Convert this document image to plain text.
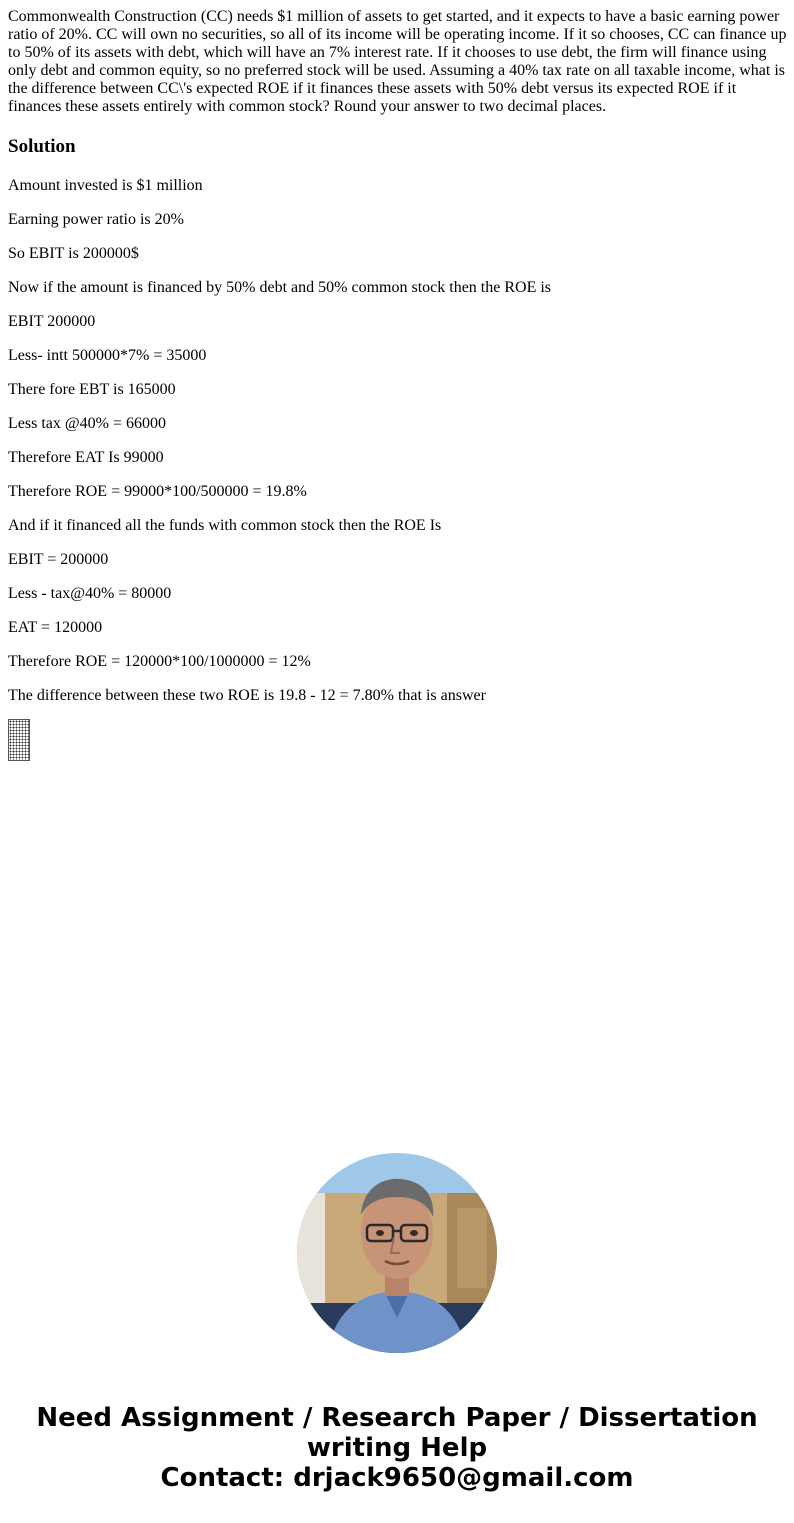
Commonwealth Construction (CC) needs $1 million of assets to get started, and it expects to have a basic earning power ratio of 20%. CC will own no securities, so all of its income will be operating income. If it so chooses, CC can finance up to 50% of its assets with debt, which will have an 7% interest rate. If it chooses to use debt, the firm will finance using only debt and common equity, so no preferred stock will be used. Assuming a 40% tax rate on all taxable income, what is the difference between CC\'s expected ROE if it finances these assets with 50% debt versus its expected ROE if it finances these assets entirely with common stock? Round your answer to two decimal places.

Solution

Amount invested is $1 million

Earning power ratio is 20%

So EBIT is 200000$

Now if the amount is financed by 50% debt and 50% common stock then the ROE is

EBIT 200000

Less- intt 500000*7% = 35000

There fore EBT is 165000

Less tax @40% = 66000

Therefore EAT Is 99000

Therefore ROE = 99000*100/500000 = 19.8%

And if it financed all the funds with common stock then the ROE Is

EBIT = 200000

Less - tax@40% = 80000

EAT = 120000

Therefore ROE = 120000*100/1000000 = 12%

The difference between these two ROE is 19.8 - 12 = 7.80% that is answer

Need Assignment / Research Paper / Dissertation
writing Help
Contact: drjack9650@gmail.com
